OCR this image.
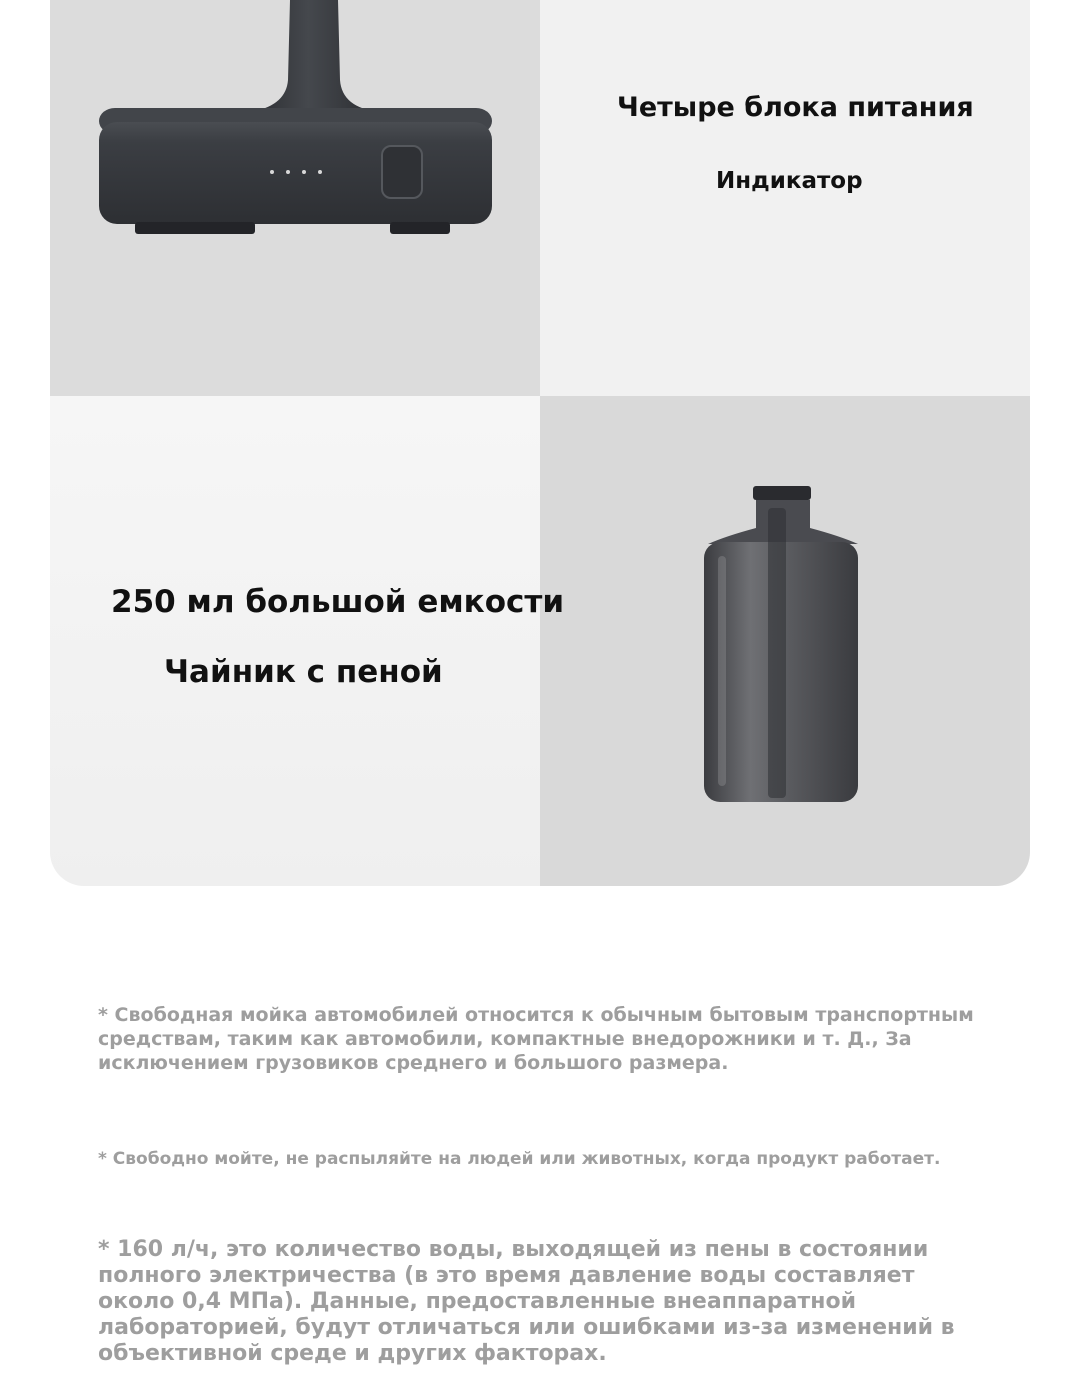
Четыре блока питания
Индикатор
250 мл большой емкости
Чайник с пеной
* Свободная мойка автомобилей относится к обычным бытовым транспортным средствам, таким как автомобили, компактные внедорожники и т. Д., За исключением грузовиков среднего и большого размера.
* Свободно мойте, не распыляйте на людей или животных, когда продукт работает.
* 160 л/ч, это количество воды, выходящей из пены в состоянии полного электричества (в это время давление воды составляет около 0,4 МПа). Данные, предоставленные внеаппаратной лабораторией, будут отличаться или ошибками из-за изменений в объективной среде и других факторах.
